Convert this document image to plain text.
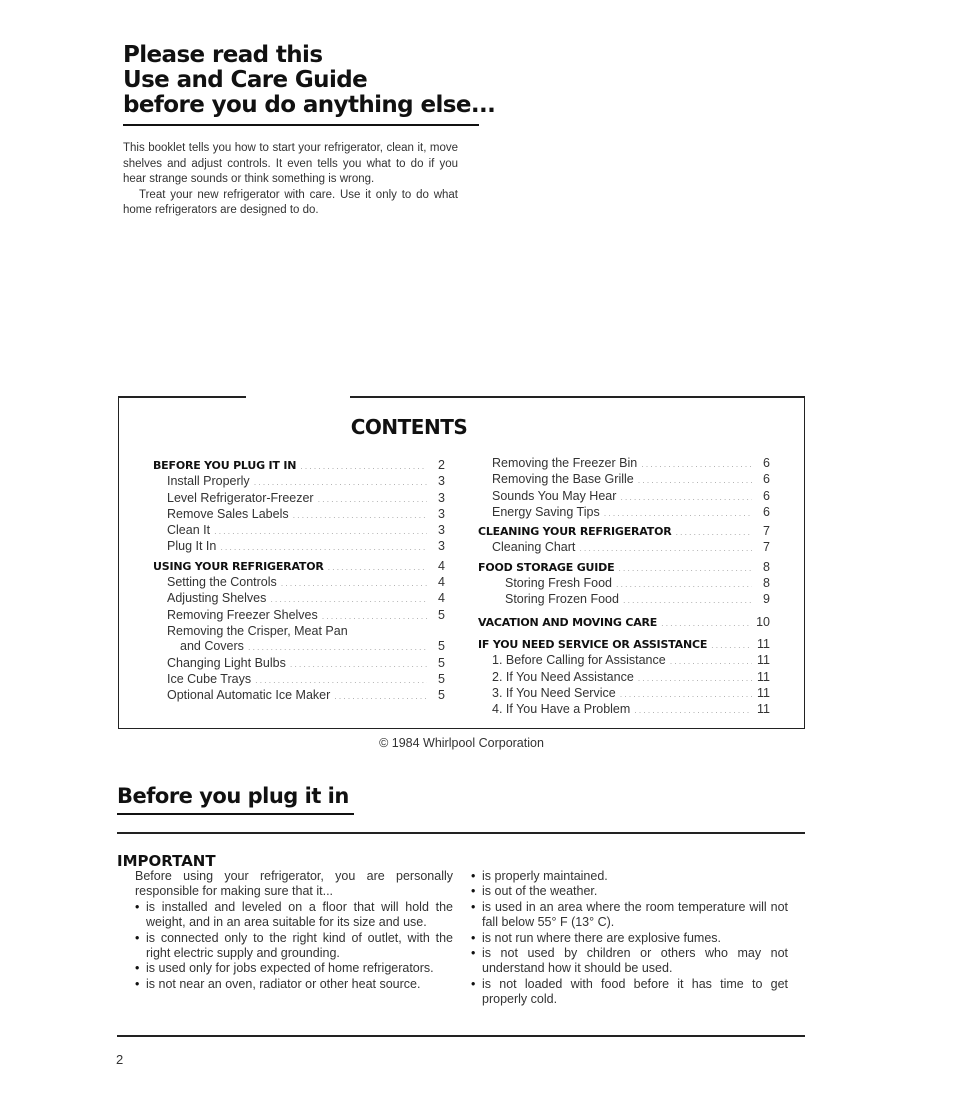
Please read this
Use and Care Guide
before you do anything else...

This booklet tells you how to start your refrigerator, clean it, move shelves and adjust controls. It even tells you what to do if you hear strange sounds or think something is wrong.

Treat your new refrigerator with care. Use it only to do what home refrigerators are designed to do.

CONTENTS
BEFORE YOU PLUG IT IN .....	2
Install Properly .....	3
Level Refrigerator-Freezer .....	3
Remove Sales Labels .....	3
Clean It .....	3
Plug It In .....	3
USING YOUR REFRIGERATOR .....	4
Setting the Controls .....	4
Adjusting Shelves .....	4
Removing Freezer Shelves .....	5
Removing the Crisper, Meat Pan
and Covers .....	5
Changing Light Bulbs .....	5
Ice Cube Trays .....	5
Optional Automatic Ice Maker .....	5
Removing the Freezer Bin .....	6
Removing the Base Grille .....	6
Sounds You May Hear .....	6
Energy Saving Tips .....	6
CLEANING YOUR REFRIGERATOR .....	7
Cleaning Chart .....	7
FOOD STORAGE GUIDE .....	8
Storing Fresh Food .....	8
Storing Frozen Food .....	9
VACATION AND MOVING CARE .....	10
IF YOU NEED SERVICE OR ASSISTANCE .....	11
1. Before Calling for Assistance .....	11
2. If You Need Assistance .....	11
3. If You Need Service .....	11
4. If You Have a Problem .....	11
© 1984 Whirlpool Corporation
Before you plug it in
IMPORTANT

Before using your refrigerator, you are personally responsible for making sure that it...

• is installed and leveled on a floor that will hold the weight, and in an area suitable for its size and use.
• is connected only to the right kind of outlet, with the right electric supply and grounding.
• is used only for jobs expected of home refrigerators.
• is not near an oven, radiator or other heat source.
• is properly maintained.
• is out of the weather.
• is used in an area where the room temperature will not fall below 55° F (13° C).
• is not run where there are explosive fumes.
• is not used by children or others who may not understand how it should be used.
• is not loaded with food before it has time to get properly cold.
2
